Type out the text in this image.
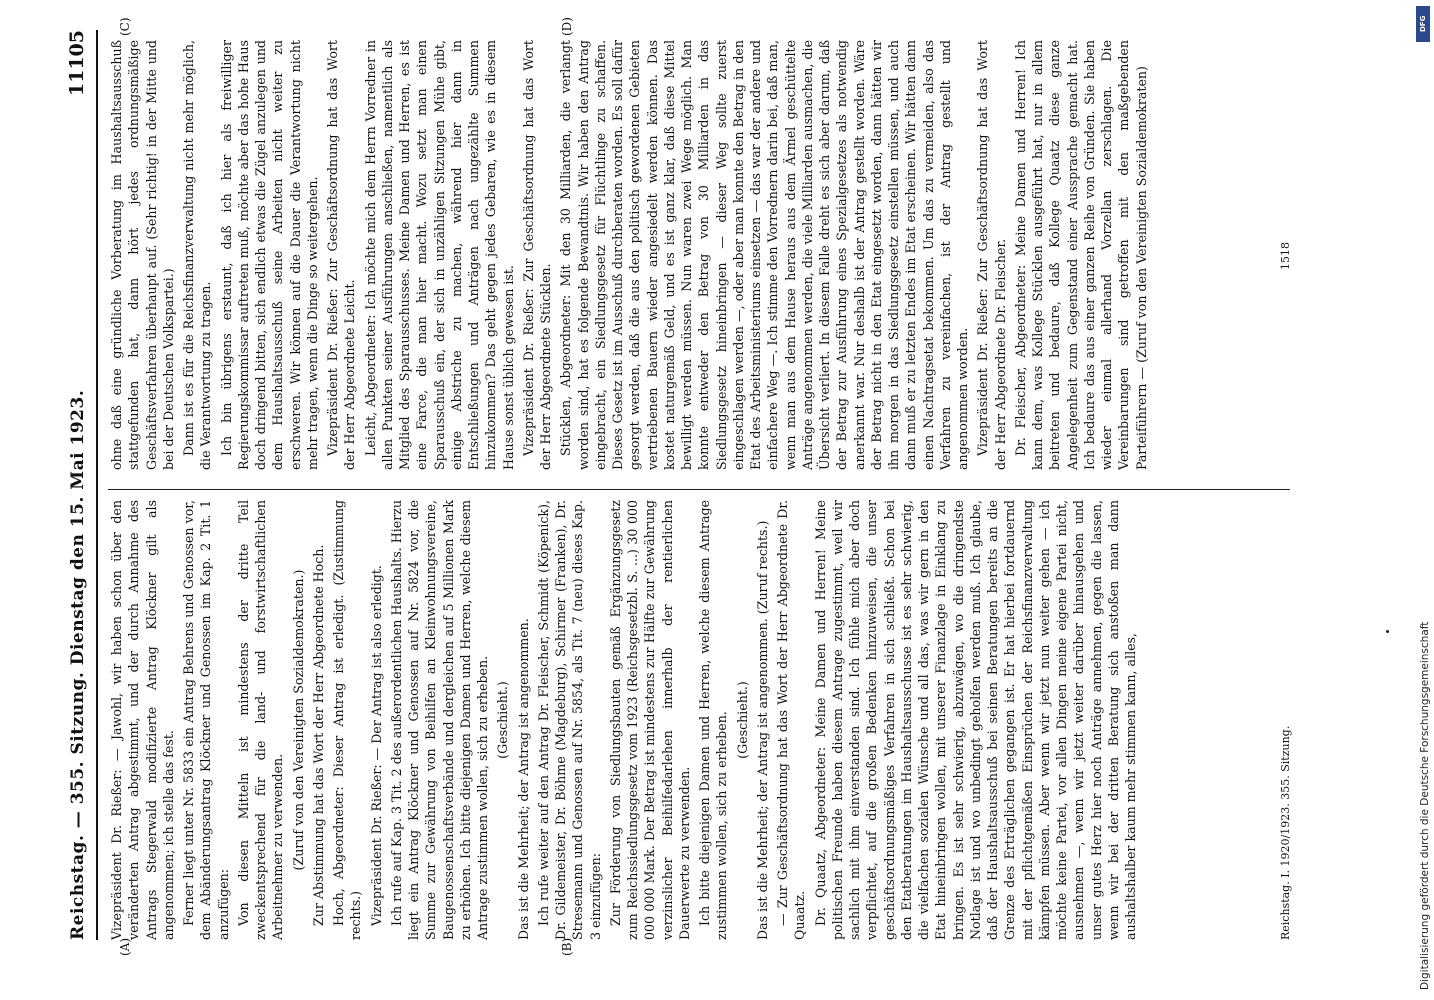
Reichstag. — 355. Sitzung. Dienstag den 15. Mai 1923.
11105
(A)	(B)
(C)	(D)

Vizepräsident Dr. Rießer: — Jawohl, wir haben schon über den veränderten Antrag abgestimmt, und der durch Annahme des Antrags Stegerwald modifizierte Antrag Klöckner gilt als angenommen; ich stelle das fest. Ferner liegt unter Nr. 5833 ein Antrag Behrens und Genossen vor, dem Abänderungsantrag Klöckner und Genossen im Kap. 2 Tit. 1 anzufügen: Von diesen Mitteln ist mindestens der dritte Teil zweckentsprechend für die land- und forstwirtschaftlichen Arbeitnehmer zu verwenden. (Zuruf von den Vereinigten Sozialdemokraten.) Zur Abstimmung hat das Wort der Herr Abgeordnete Hoch. Hoch, Abgeordneter: Dieser Antrag ist erledigt. (Zustimmung rechts.) Vizepräsident Dr. Rießer: — Der Antrag ist also erledigt. Ich rufe auf Kap. 3 Tit. 2 des außerordentlichen Haushalts. Hierzu liegt ein Antrag Klöckner und Genossen auf Nr. 5824 vor, die Summe zur Gewährung von Beihilfen an Kleinwohnungsvereine, Baugenossenschaftsverbände und dergleichen auf 5 Millionen Mark zu erhöhen. Ich bitte diejenigen Damen und Herren, welche diesem Antrage zustimmen wollen, sich zu erheben. (Geschieht.) Das ist die Mehrheit; der Antrag ist angenommen. Ich rufe weiter auf den Antrag Dr. Fleischer, Schmidt (Köpenick), Dr. Gildemeister, Dr. Böhme (Magdeburg), Schirmer (Franken), Dr. Stresemann und Genossen auf Nr. 5854, als Tit. 7 (neu) dieses Kap. 3 einzufügen: Zur Förderung von Siedlungsbauten gemäß Ergänzungsgesetz zum Reichssiedlungsgesetz vom 1923 (Reichsgesetzbl. S. ...) 30 000 000 000 Mark. Der Betrag ist mindestens zur Hälfte zur Gewährung verzinslicher Beihilfedarlehen innerhalb der rentierlichen Dauerwerte zu verwenden. Ich bitte diejenigen Damen und Herren, welche diesem Antrage zustimmen wollen, sich zu erheben. (Geschieht.) Das ist die Mehrheit; der Antrag ist angenommen. (Zuruf rechts.) — Zur Geschäftsordnung hat das Wort der Herr Abgeordnete Dr. Quaatz. Dr. Quaatz, Abgeordneter: Meine Damen und Herren! Meine politischen Freunde haben diesem Antrage zugestimmt, weil wir sachlich mit ihm einverstanden sind. Ich fühle mich aber doch verpflichtet, auf die großen Bedenken hinzuweisen, die unser geschäftsordnungsmäßiges Verfahren in sich schließt. Schon bei den Etatberatungen im Haushaltsausschusse ist es sehr schwierig, die vielfachen sozialen Wünsche und all das, was wir gern in den Etat hineinbringen wollen, mit unserer Finanzlage in Einklang zu bringen. Es ist sehr schwierig, abzuwägen, wo die dringendste Notlage ist und wo unbedingt geholfen werden muß. Ich glaube, daß der Haushaltsausschuß bei seinen Beratungen bereits an die Grenze des Erträglichen gegangen ist. Er hat hierbei fortdauernd mit der pflichtgemäßen Einsprüchen der Reichsfinanzverwaltung kämpfen müssen. Aber wenn wir jetzt nun weiter gehen — ich möchte keine Partei, vor allen Dingen meine eigene Partei nicht, ausnehmen —, wenn wir jetzt weiter darüber hinausgehen und unser gutes Herz hier noch Anträge annehmen, gegen die lassen, wenn wir bei der dritten Beratung sich anstoßen man dann aushaltshalber kaum mehr stimmen kann, alles,

ohne daß eine gründliche Vorberatung im Haushaltsausschuß stattgefunden hat, dann hört jedes ordnungsmäßige Geschäftsverfahren überhaupt auf. (Sehr richtig! in der Mitte und bei der Deutschen Volkspartei.) Dann ist es für die Reichsfinanzverwaltung nicht mehr möglich, die Verantwortung zu tragen. Ich bin übrigens erstaunt, daß ich hier als freiwilliger Regierungskommissar auftreten muß, möchte aber das hohe Haus doch dringend bitten, sich endlich etwas die Zügel anzulegen und dem Haushaltsausschuß seine Arbeiten nicht weiter zu erschweren. Wir können auf die Dauer die Verantwortung nicht mehr tragen, wenn die Dinge so weitergehen. Vizepräsident Dr. Rießer: Zur Geschäftsordnung hat das Wort der Herr Abgeordnete Leicht. Leicht, Abgeordneter: Ich möchte mich dem Herrn Vorredner in allen Punkten seiner Ausführungen anschließen, namentlich als Mitglied des Sparausschusses. Meine Damen und Herren, es ist eine Farce, die man hier macht. Wozu setzt man einen Sparausschuß ein, der sich in unzähligen Sitzungen Mühe gibt, einige Abstriche zu machen, während hier dann in Entschließungen und Anträgen nach ungezählte Summen hinzukommen? Das geht gegen jedes Gebaren, wie es in diesem Hause sonst üblich gewesen ist. Vizepräsident Dr. Rießer: Zur Geschäftsordnung hat das Wort der Herr Abgeordnete Stücklen. Stücklen, Abgeordneter: Mit den 30 Milliarden, die verlangt worden sind, hat es folgende Bewandtnis. Wir haben den Antrag eingebracht, ein Siedlungsgesetz für Flüchtlinge zu schaffen. Dieses Gesetz ist im Ausschuß durchberaten worden. Es soll dafür gesorgt werden, daß die aus den politisch gewordenen Gebieten vertriebenen Bauern wieder angesiedelt werden können. Das kostet naturgemäß Geld, und es ist ganz klar, daß diese Mittel bewilligt werden müssen. Nun waren zwei Wege möglich. Man konnte entweder den Betrag von 30 Milliarden in das Siedlungsgesetz hineinbringen — dieser Weg sollte zuerst eingeschlagen werden —, oder aber man konnte den Betrag in den Etat des Arbeitsministeriums einsetzen — das war der andere und einfachere Weg —. Ich stimme den Vorrednern darin bei, daß man, wenn man aus dem Hause heraus aus dem Ärmel geschüttelte Anträge angenommen werden, die viele Milliarden ausmachen, die Übersicht verliert. In diesem Falle dreht es sich aber darum, daß der Betrag zur Ausführung eines Spezialgesetzes als notwendig anerkannt war. Nur deshalb ist der Antrag gestellt worden. Wäre der Betrag nicht in den Etat eingesetzt worden, dann hätten wir ihn morgen in das Siedlungsgesetz einstellen müssen, und auch dann muß er zu letzten Endes im Etat erscheinen. Wir hätten dann einen Nachtragsetat bekommen. Um das zu vermeiden, also das Verfahren zu vereinfachen, ist der Antrag gestellt und angenommen worden. Vizepräsident Dr. Rießer: Zur Geschäftsordnung hat das Wort der Herr Abgeordnete Dr. Fleischer. Dr. Fleischer, Abgeordneter: Meine Damen und Herren! Ich kann dem, was Kollege Stücklen ausgeführt hat, nur in allem beitreten und bedaure, daß Kollege Quaatz diese ganze Angelegenheit zum Gegenstand einer Aussprache gemacht hat. Ich bedaure das aus einer ganzen Reihe von Gründen. Sie haben wieder einmal allerhand Vorzellan zerschlagen. Die Vereinbarungen sind getroffen mit den maßgebenden Parteiführern — (Zuruf von den Vereinigten Sozialdemokraten)

Reichstag. I. 1920/1923. 355. Sitzung.
1518
Digitalisierung gefördert durch die Deutsche Forschungsgemeinschaft
DFG
